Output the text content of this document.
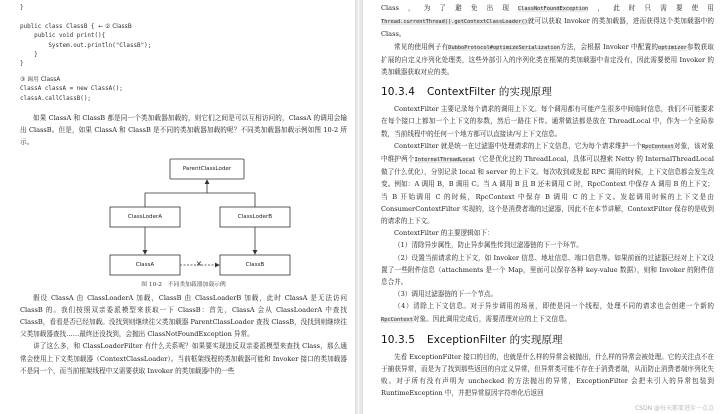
}

public class ClassB {  ← ② ClassB
public void print(){
System.out.println("ClassB");
}
}
③ 调用 ClassA
ClassA classA = new ClassA();
classA.callClassB();

如果 ClassA 和 ClassB 都是同一个类加载器加载的，则它们之间是可以互相访问的，ClassA 的调用会输出 ClassB。但是，如果 ClassA 和 ClassB 是不同的类加载器加载的呢？不同类加载器加载示例如图 10-2 所示。

ParentClassLoder
ClassLoderA	ClassLoderB
ClassA	ClassB
×
图 10-2　不同类加载器加载示例

假设 ClassA 由 ClassLoaderA 加载，ClassB 由 ClassLoaderB 加载，此时 ClassA 是无法访问 ClassB 的。我们按照双亲委派模型来获取一下 ClassB：首先，ClassA 会从 ClassLoaderA 中查找 ClassB，看看是否已经加载。没找到则继续往父类加载器 ParentClassLoader 查找 ClassB，没找到则继续往父类加载器查找……最终还没找到，会抛出 ClassNotFoundException 异常。

讲了这么多，和 ClassLoaderFilter 有什么关系呢？如果要实现违反双亲委派模型来查找 Class，那么通常会使用上下文类加载器（ContextClassLoader）。当前框架线程的类加载器可能和 Invoker 接口的类加载器不是同一个，而当前框架线程中又需要获取 Invoker 的类加载器中的一些

Class，为了避免出现ClassNotFoundException，此时只需要使用Thread.currentThread().getContextClassLoader()就可以获取 Invoker 的类加载器，进而获得这个类加载器中的 Class。

常见的使用例子有DubboProtocol#optimizeSerialization方法，会根据 Invoker 中配置的optimizer参数获取扩展的自定义序列化处理类，这些外部引入的序列化类在框架的类加载器中肯定没有，因此需要使用 Invoker 的类加载器获取对应的类。

10.3.4 ContextFilter 的实现原理

ContextFilter 主要记录每个请求的调用上下文。每个调用都有可能产生很多中间临时信息，我们不可能要求在每个接口上都加一个上下文的参数，然后一路往下传。通常做法都是放在 ThreadLocal 中，作为一个全局参数，当前线程中的任何一个地方都可以直接读/写上下文信息。

ContextFilter 就是统一在过滤器中处理请求的上下文信息，它为每个请求维护一个RpcContext对象，该对象中维护两个InternalThreadLocal（它是优化过的 ThreadLocal，具体可以搜索 Netty 的 InternalThreadLocal 做了什么优化），分别记录 local 和 server 的上下文。每次收到或发起 RPC 调用的时候，上下文信息都会发生改变。例如：A 调用 B，B 调用 C。当 A 调用 B 且 B 还未调用 C 时，RpcContext 中保存 A 调用 B 的上下文；当 B 开始调用 C 的时候，RpcContext 中保存 B 调用 C 的上下文。发起调用时候的上下文是由 ConsumerContextFilter 实现的，这个是消费者端的过滤器，因此不在本节讲解，ContextFilter 保存的是收到的请求的上下文。

ContextFilter 的主要逻辑如下：

（1）清除异步属性，防止异步属性传到过滤器链的下一个环节。

（2）设置当前请求的上下文，如 Invoker 信息、地址信息、端口信息等。如果前面的过滤器已经对上下文设置了一些附件信息（attachments 是一个 Map，里面可以保存各种 key-value 数据），则和 Invoker 的附件信息合并。

（3）调用过滤器链的下一个节点。

（4）清除上下文信息。对于异步调用的场景，即使是同一个线程，处理不同的请求也会创建一个新的RpcContext对象。因此调用完成后，需要清理对应的上下文信息。

10.3.5 ExceptionFilter 的实现原理

先看 ExceptionFilter 接口的目的，也就是什么样的异常会被抛出，什么样的异常会被处理。它的关注点不在于捕获异常，而是为了找到那些返回的自定义异常，但异常类可能不存在于消费者端，从而防止消费者端序列化失败。对于所有没有声明为 unchecked 的方法抛出的异常，ExceptionFilter 会把未引入的异常包装到 RuntimeException 中，并把异常原因字符串化后返回

CSDN @每天都要进步一点点
